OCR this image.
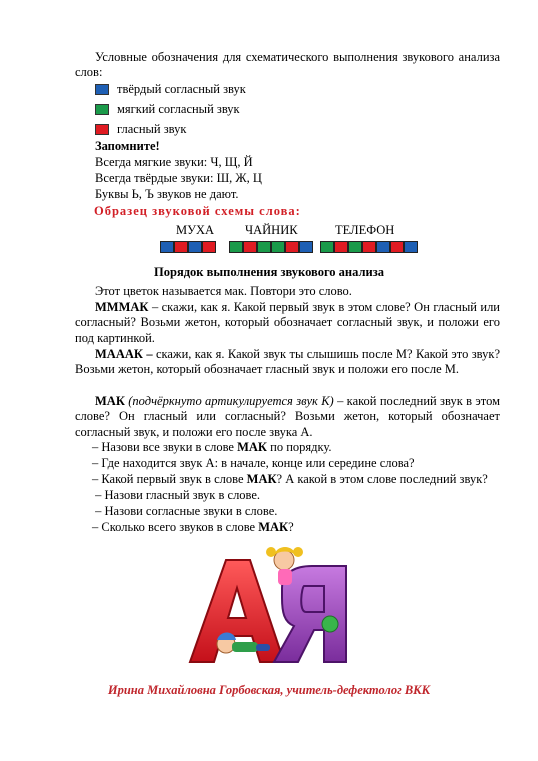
Условные обозначения для схематического выполнения звукового анализа слов:
твёрдый согласный звук
мягкий согласный звук
гласный звук
Запомните!
Всегда мягкие звуки: Ч, Щ, Й
Всегда твёрдые звуки: Ш, Ж, Ц
Буквы Ь, Ъ звуков не дают.
Образец звуковой схемы слова:
МУХА ЧАЙНИК	ТЕЛЕФОН
Порядок выполнения звукового анализа
Этот цветок называется мак. Повтори это слово.
МММАК – скажи, как я. Какой первый звук в этом слове? Он гласный или согласный? Возьми жетон, который обозначает согласный звук, и положи его под картинкой.
МАААК – скажи, как я. Какой звук ты слышишь после М? Какой это звук? Возьми жетон, который обозначает гласный звук и положи его после М.
МАК (подчёркнуто артикулируется звук К) – какой последний звук в этом слове? Он гласный или согласный? Возьми жетон, который обозначает согласный звук, и положи его после звука А.
– Назови все звуки в слове МАК по порядку.
– Где находится звук А: в начале, конце или середине слова?
– Какой первый звук в слове МАК? А какой в этом слове последний звук?
– Назови гласный звук в слове.
– Назови согласные звуки в слове.
– Сколько всего звуков в слове МАК?
Ирина Михайловна Горбовская, учитель-дефектолог ВКК
